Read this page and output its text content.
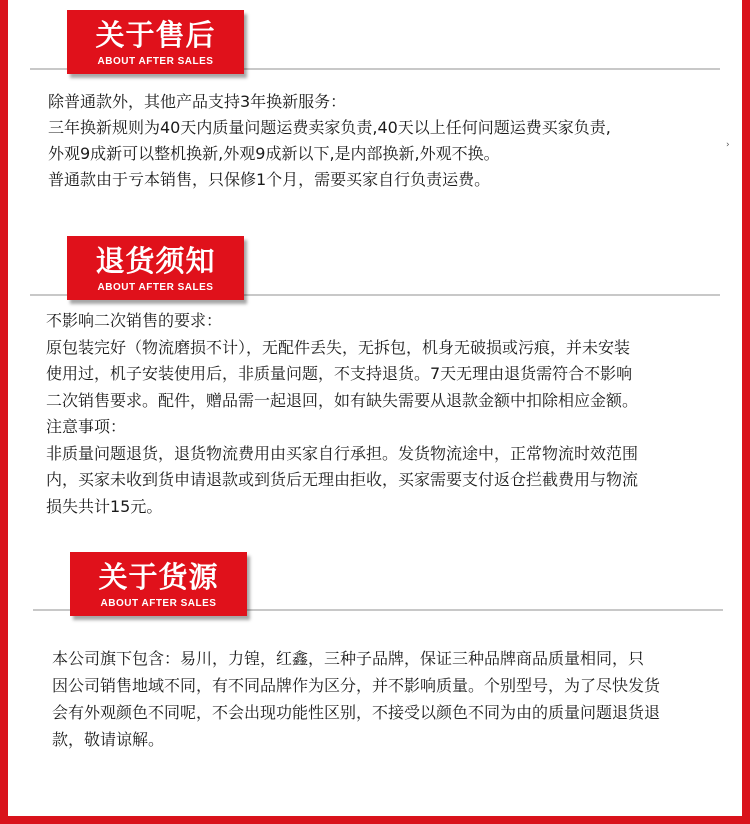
关于售后
ABOUT AFTER SALES
除普通款外，其他产品支持3年换新服务：
三年换新规则为40天内质量问题运费卖家负责,40天以上任何问题运费买家负责,
外观9成新可以整机换新,外观9成新以下,是内部换新,外观不换。
普通款由于亏本销售，只保修1个月，需要买家自行负责运费。
›
退货须知
ABOUT AFTER SALES
不影响二次销售的要求：
原包装完好（物流磨损不计），无配件丢失，无拆包，机身无破损或污痕，并未安装
使用过，机子安装使用后，非质量问题，不支持退货。7天无理由退货需符合不影响
二次销售要求。配件，赠品需一起退回，如有缺失需要从退款金额中扣除相应金额。
注意事项：
非质量问题退货，退货物流费用由买家自行承担。发货物流途中，正常物流时效范围
内，买家未收到货申请退款或到货后无理由拒收，买家需要支付返仓拦截费用与物流
损失共计15元。
关于货源
ABOUT AFTER SALES
本公司旗下包含：易川，力锽，红鑫，三种子品牌，保证三种品牌商品质量相同，只
因公司销售地域不同，有不同品牌作为区分，并不影响质量。个别型号，为了尽快发货
会有外观颜色不同呢，不会出现功能性区别，不接受以颜色不同为由的质量问题退货退
款，敬请谅解。
